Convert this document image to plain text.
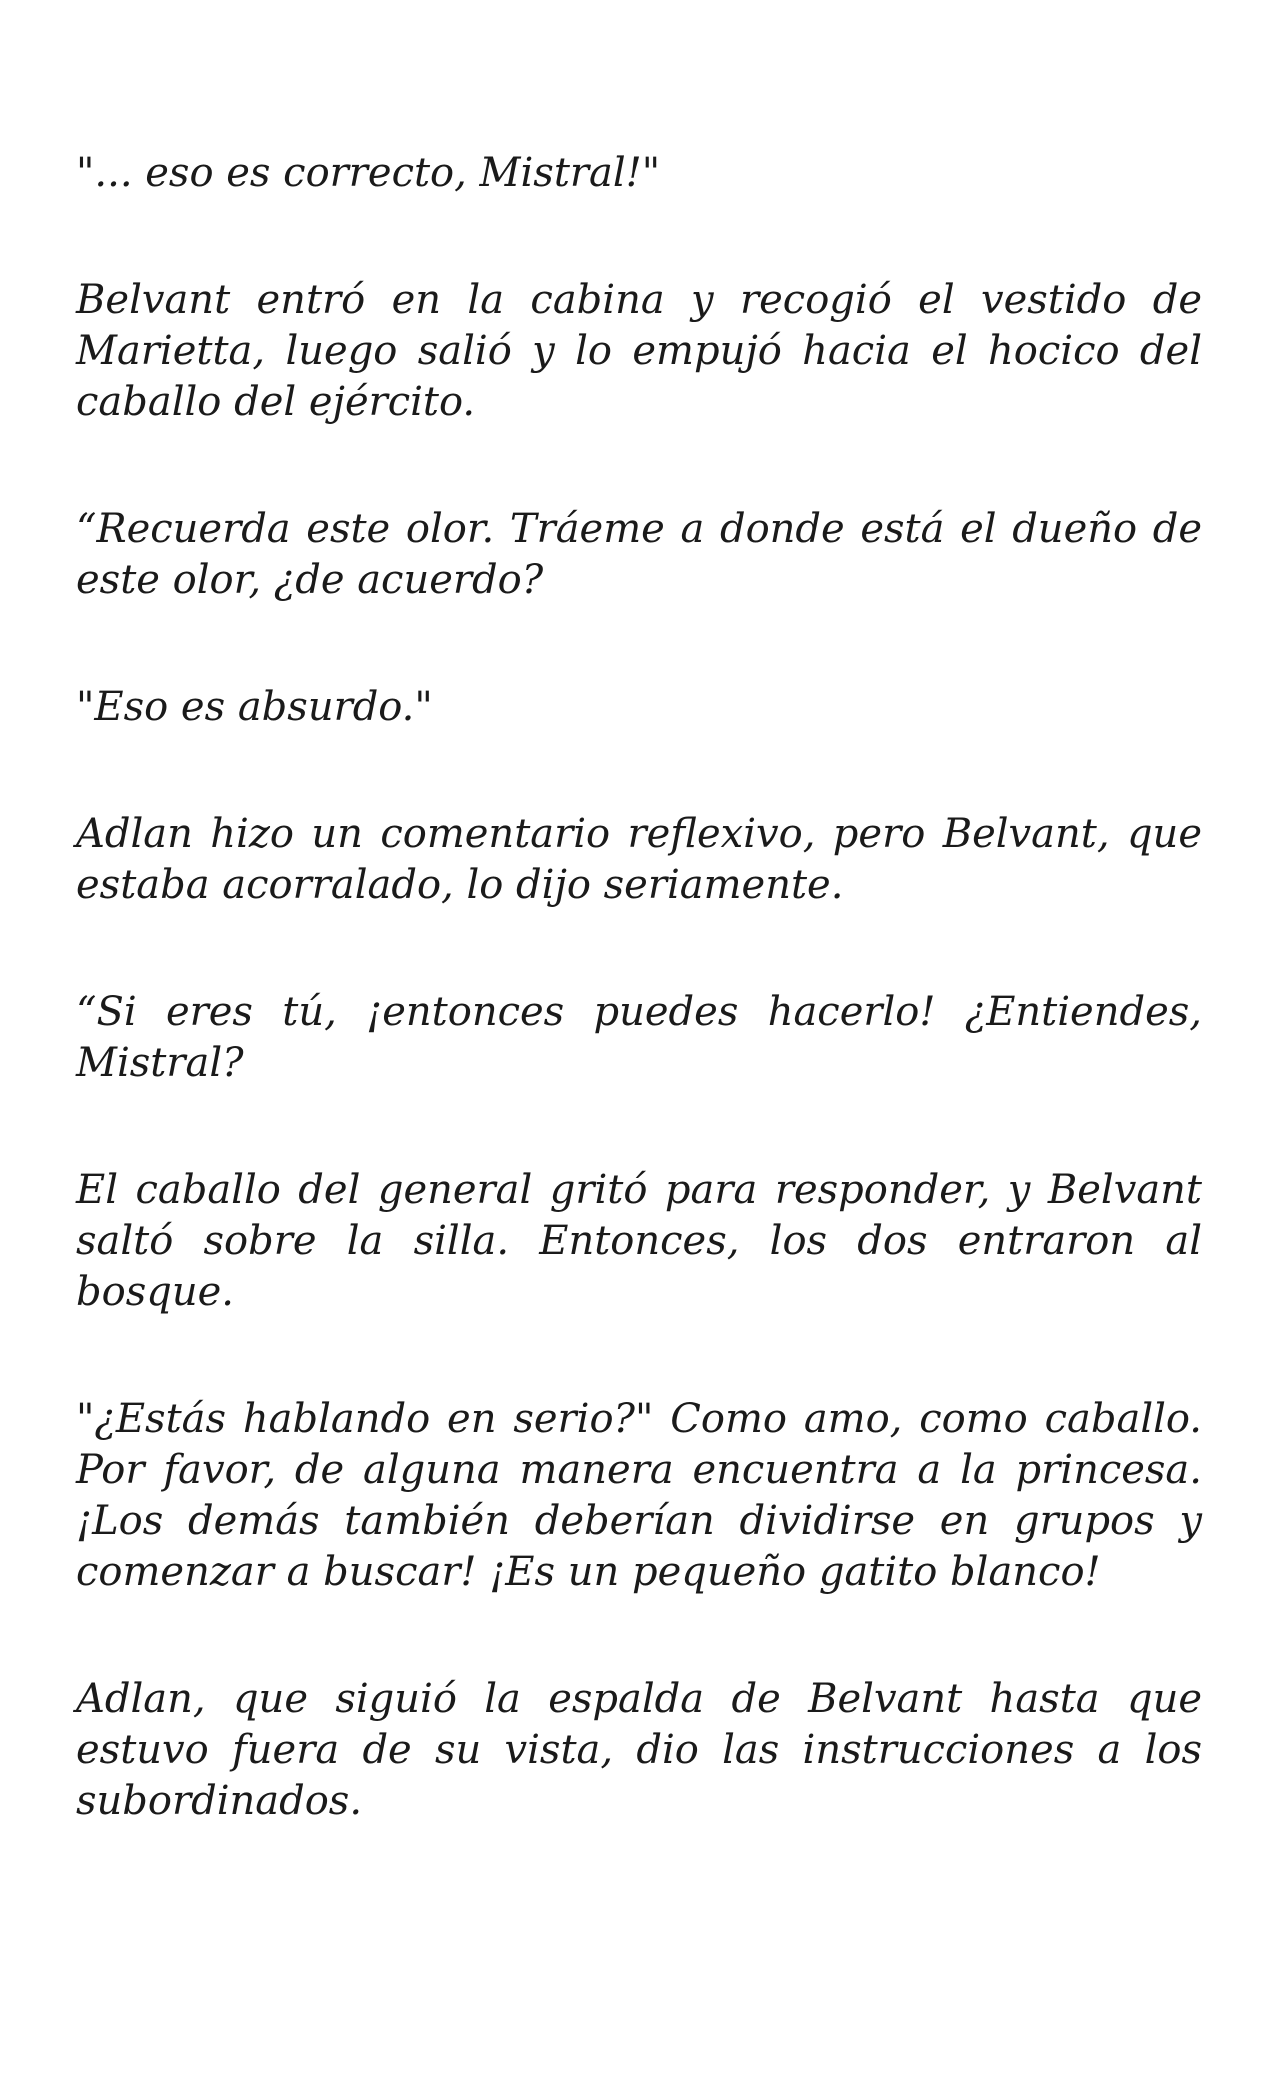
"... eso es correcto, Mistral!"

Belvant entró en la cabina y recogió el vestido de Marietta, luego salió y lo empujó hacia el hocico del caballo del ejército.

“Recuerda este olor. Tráeme a donde está el dueño de este olor, ¿de acuerdo?

"Eso es absurdo."

Adlan hizo un comentario reflexivo, pero Belvant, que estaba acorralado, lo dijo seriamente.

“Si eres tú, ¡entonces puedes hacerlo! ¿Entiendes, Mistral?

El caballo del general gritó para responder, y Belvant saltó sobre la silla. Entonces, los dos entraron al bosque.

"¿Estás hablando en serio?" Como amo, como caballo. Por favor, de alguna manera encuentra a la princesa. ¡Los demás también deberían dividirse en grupos y comenzar a buscar! ¡Es un pequeño gatito blanco!

Adlan, que siguió la espalda de Belvant hasta que estuvo fuera de su vista, dio las instrucciones a los subordinados.
